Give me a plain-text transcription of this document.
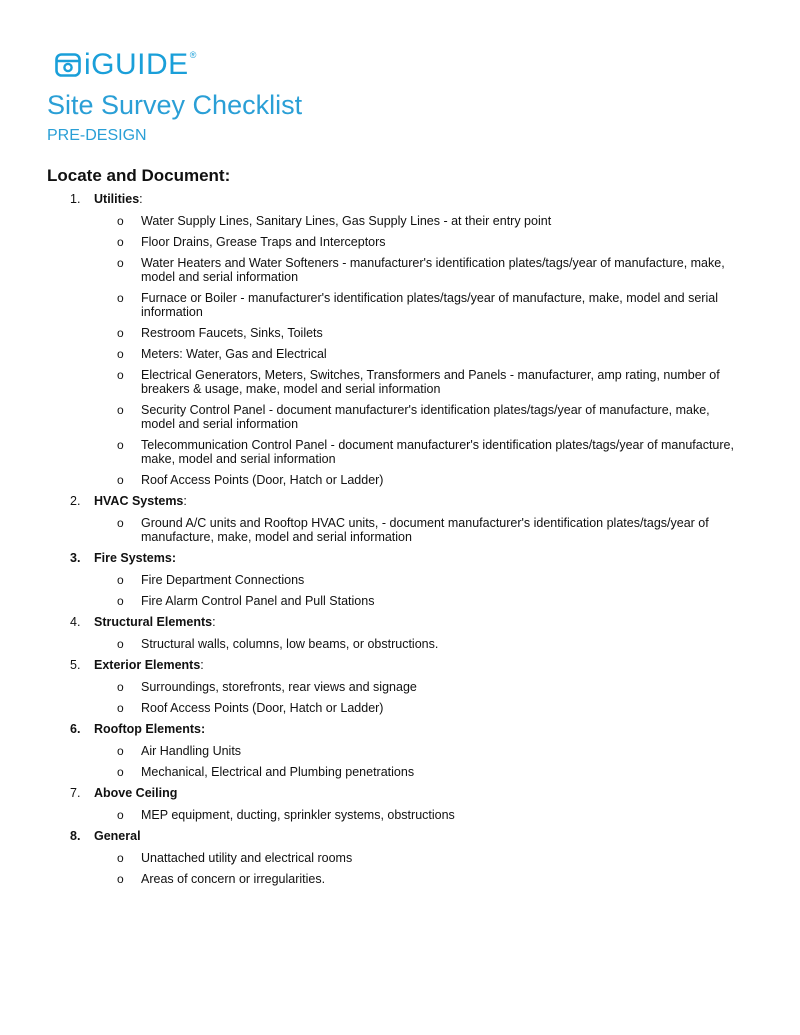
iGUIDE ®
Site Survey Checklist
PRE-DESIGN
Locate and Document:
1.	Utilities:
o Water Supply Lines, Sanitary Lines, Gas Supply Lines - at their entry point
o Floor Drains, Grease Traps and Interceptors
o Water Heaters and Water Softeners - manufacturer's identification plates/tags/year of manufacture, make, model and serial information
o Furnace or Boiler - manufacturer's identification plates/tags/year of manufacture, make, model and serial information
o Restroom Faucets, Sinks, Toilets
o Meters: Water, Gas and Electrical
o Electrical Generators, Meters, Switches, Transformers and Panels - manufacturer, amp rating, number of breakers & usage, make, model and serial information
o Security Control Panel - document manufacturer's identification plates/tags/year of manufacture, make, model and serial information
o Telecommunication Control Panel - document manufacturer's identification plates/tags/year of manufacture, make, model and serial information
o Roof Access Points (Door, Hatch or Ladder)
2.	HVAC Systems:
o Ground A/C units and Rooftop HVAC units, - document manufacturer's identification plates/tags/year of manufacture, make, model and serial information
3.	Fire Systems:
o Fire Department Connections
o Fire Alarm Control Panel and Pull Stations
4.	Structural Elements:
o Structural walls, columns, low beams, or obstructions.
5.	Exterior Elements:
o Surroundings, storefronts, rear views and signage
o Roof Access Points (Door, Hatch or Ladder)
6.	Rooftop Elements:
o Air Handling Units
o Mechanical, Electrical and Plumbing penetrations
7.	Above Ceiling
o MEP equipment, ducting, sprinkler systems, obstructions
8.	General
o Unattached utility and electrical rooms
o Areas of concern or irregularities.
